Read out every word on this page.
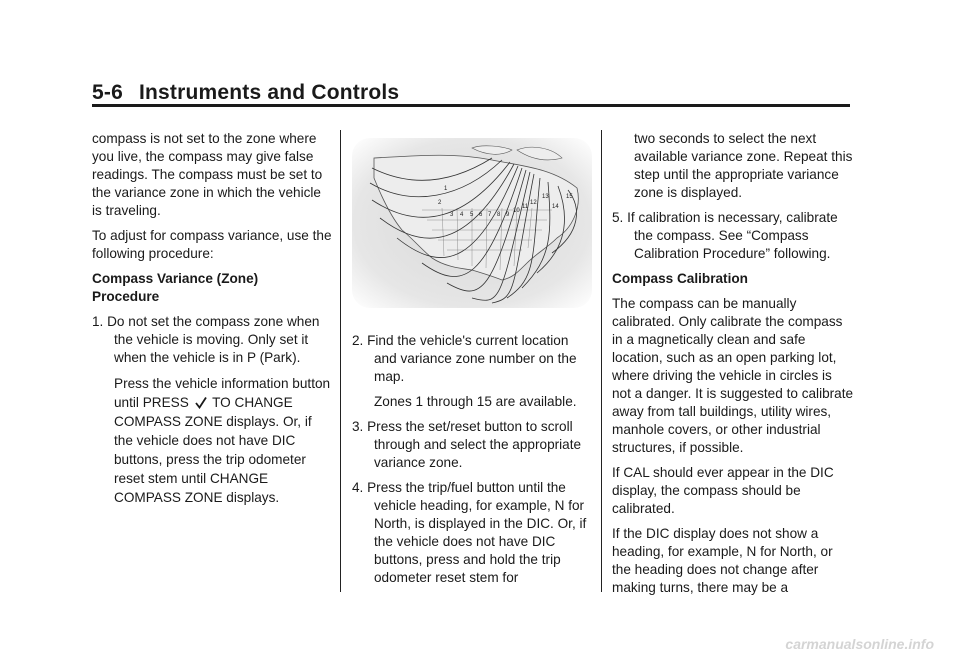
5-6 Instruments and Controls

compass is not set to the zone where you live, the compass may give false readings. The compass must be set to the variance zone in which the vehicle is traveling.

To adjust for compass variance, use the following procedure:

Compass Variance (Zone)
Procedure

1. Do not set the compass zone when the vehicle is moving. Only set it when the vehicle is in P (Park).

Press the vehicle information button until PRESS TO CHANGE COMPASS ZONE displays. Or, if the vehicle does not have DIC buttons, press the trip odometer reset stem until CHANGE COMPASS ZONE displays.

1
2
3 4 5 6 7 8 9
10
11
12
13
14
15

2. Find the vehicle's current location and variance zone number on the map.

Zones 1 through 15 are available.

3. Press the set/reset button to scroll through and select the appropriate variance zone.

4. Press the trip/fuel button until the vehicle heading, for example, N for North, is displayed in the DIC. Or, if the vehicle does not have DIC buttons, press and hold the trip odometer reset stem for

two seconds to select the next available variance zone. Repeat this step until the appropriate variance zone is displayed.

5. If calibration is necessary, calibrate the compass. See “Compass Calibration Procedure” following.

Compass Calibration

The compass can be manually calibrated. Only calibrate the compass in a magnetically clean and safe location, such as an open parking lot, where driving the vehicle in circles is not a danger. It is suggested to calibrate away from tall buildings, utility wires, manhole covers, or other industrial structures, if possible.

If CAL should ever appear in the DIC display, the compass should be calibrated.

If the DIC display does not show a heading, for example, N for North, or the heading does not change after making turns, there may be a

carmanualsonline.info
